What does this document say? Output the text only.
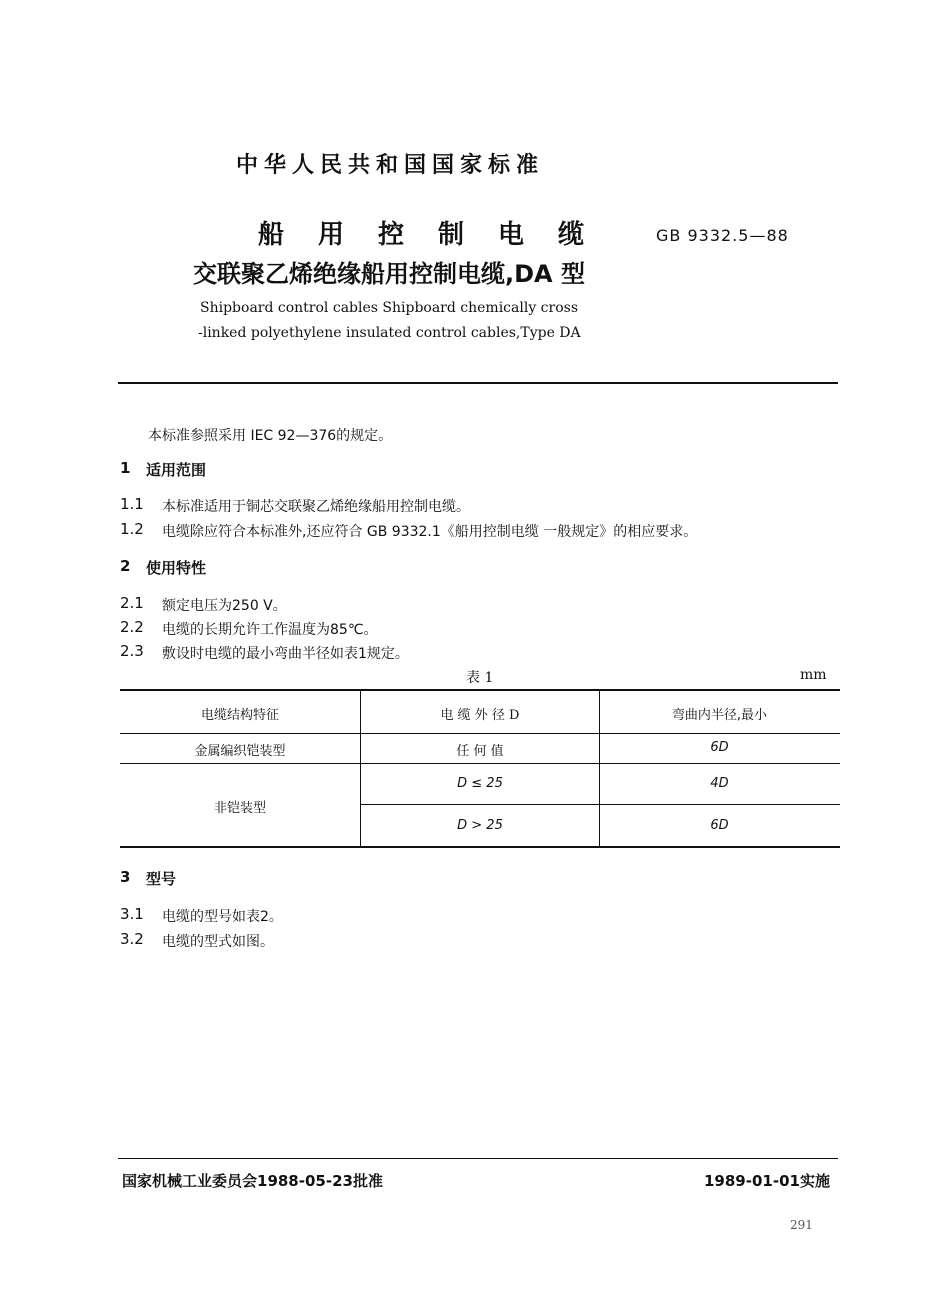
中华人民共和国国家标准
船用控制电缆 GB 9332.5—88
交联聚乙烯绝缘船用控制电缆,DA 型
Shipboard control cables Shipboard chemically cross
-linked polyethylene insulated control cables,Type DA
本标准参照采用 IEC 92—376的规定。
1 适用范围
1.1 本标准适用于铜芯交联聚乙烯绝缘船用控制电缆。
1.2 电缆除应符合本标准外,还应符合 GB 9332.1《船用控制电缆 一般规定》的相应要求。
2 使用特性
2.1 额定电压为250 V。
2.2 电缆的长期允许工作温度为85℃。
2.3 敷设时电缆的最小弯曲半径如表1规定。
表 1	mm
电缆结构特征	电 缆 外 径 D	弯曲内半径,最小
金属编织铠装型	任 何 值	6D
非铠装型
D ≤ 25	4D
D > 25	6D
3 型号
3.1 电缆的型号如表2。
3.2 电缆的型式如图。
国家机械工业委员会1988-05-23批准	1989-01-01实施
291
